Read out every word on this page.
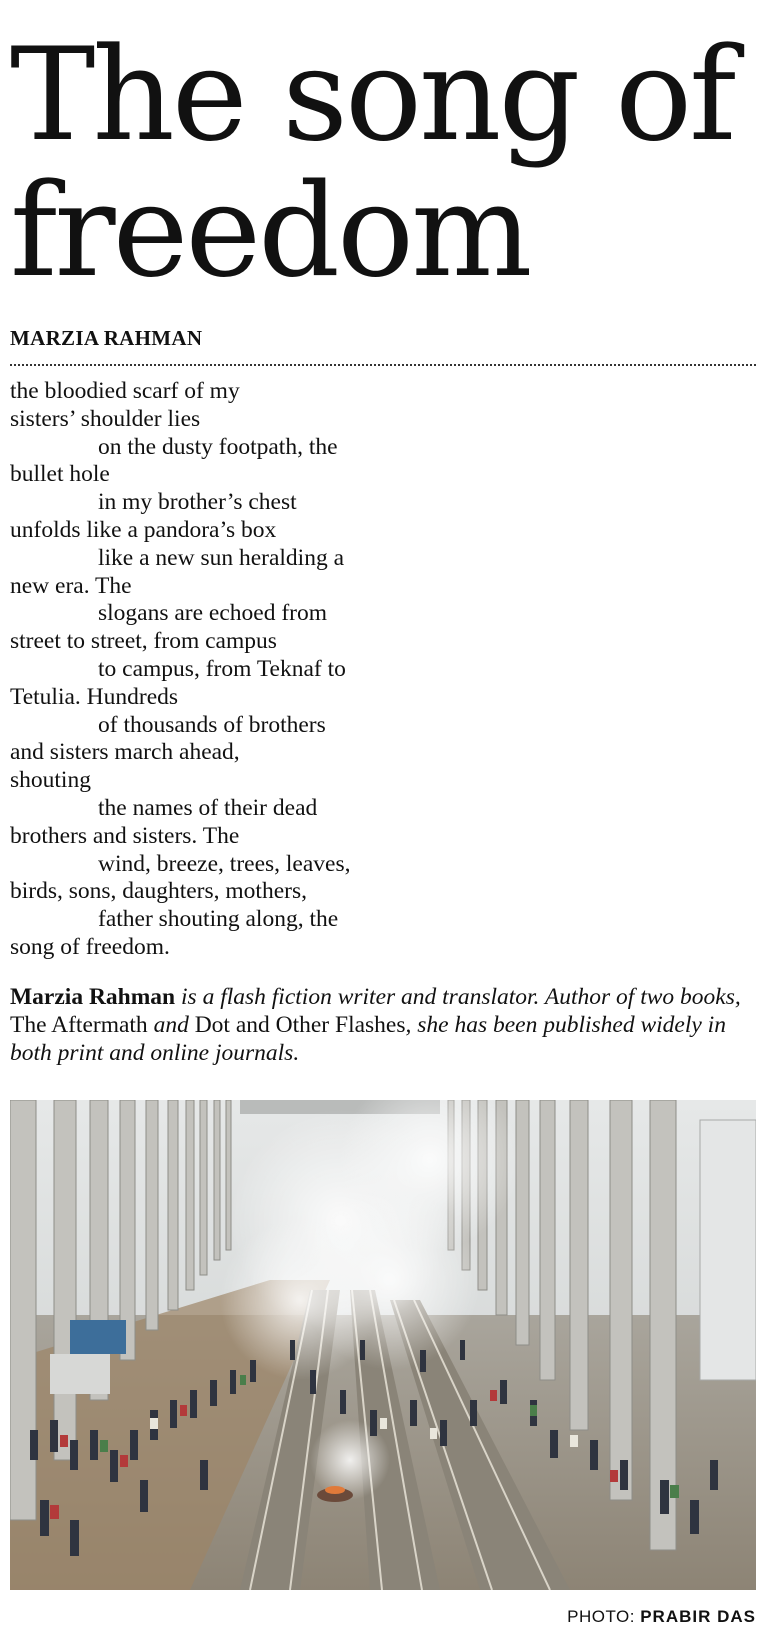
The song of
freedom
MARZIA RAHMAN
the bloodied scarf of my
sisters’ shoulder lies
on the dusty footpath, the
bullet hole
in my brother’s chest
unfolds like a pandora’s box
like a new sun heralding a
new era. The
slogans are echoed from
street to street, from campus
to campus, from Teknaf to
Tetulia. Hundreds
of thousands of brothers
and sisters march ahead,
shouting
the names of their dead
brothers and sisters. The
wind, breeze, trees, leaves,
birds, sons, daughters, mothers,
father shouting along, the
song of freedom.

Marzia Rahman is a flash fiction writer and translator. Author of two books, The Aftermath and Dot and Other Flashes, she has been published widely in both print and online journals.

PHOTO: PRABIR DAS
